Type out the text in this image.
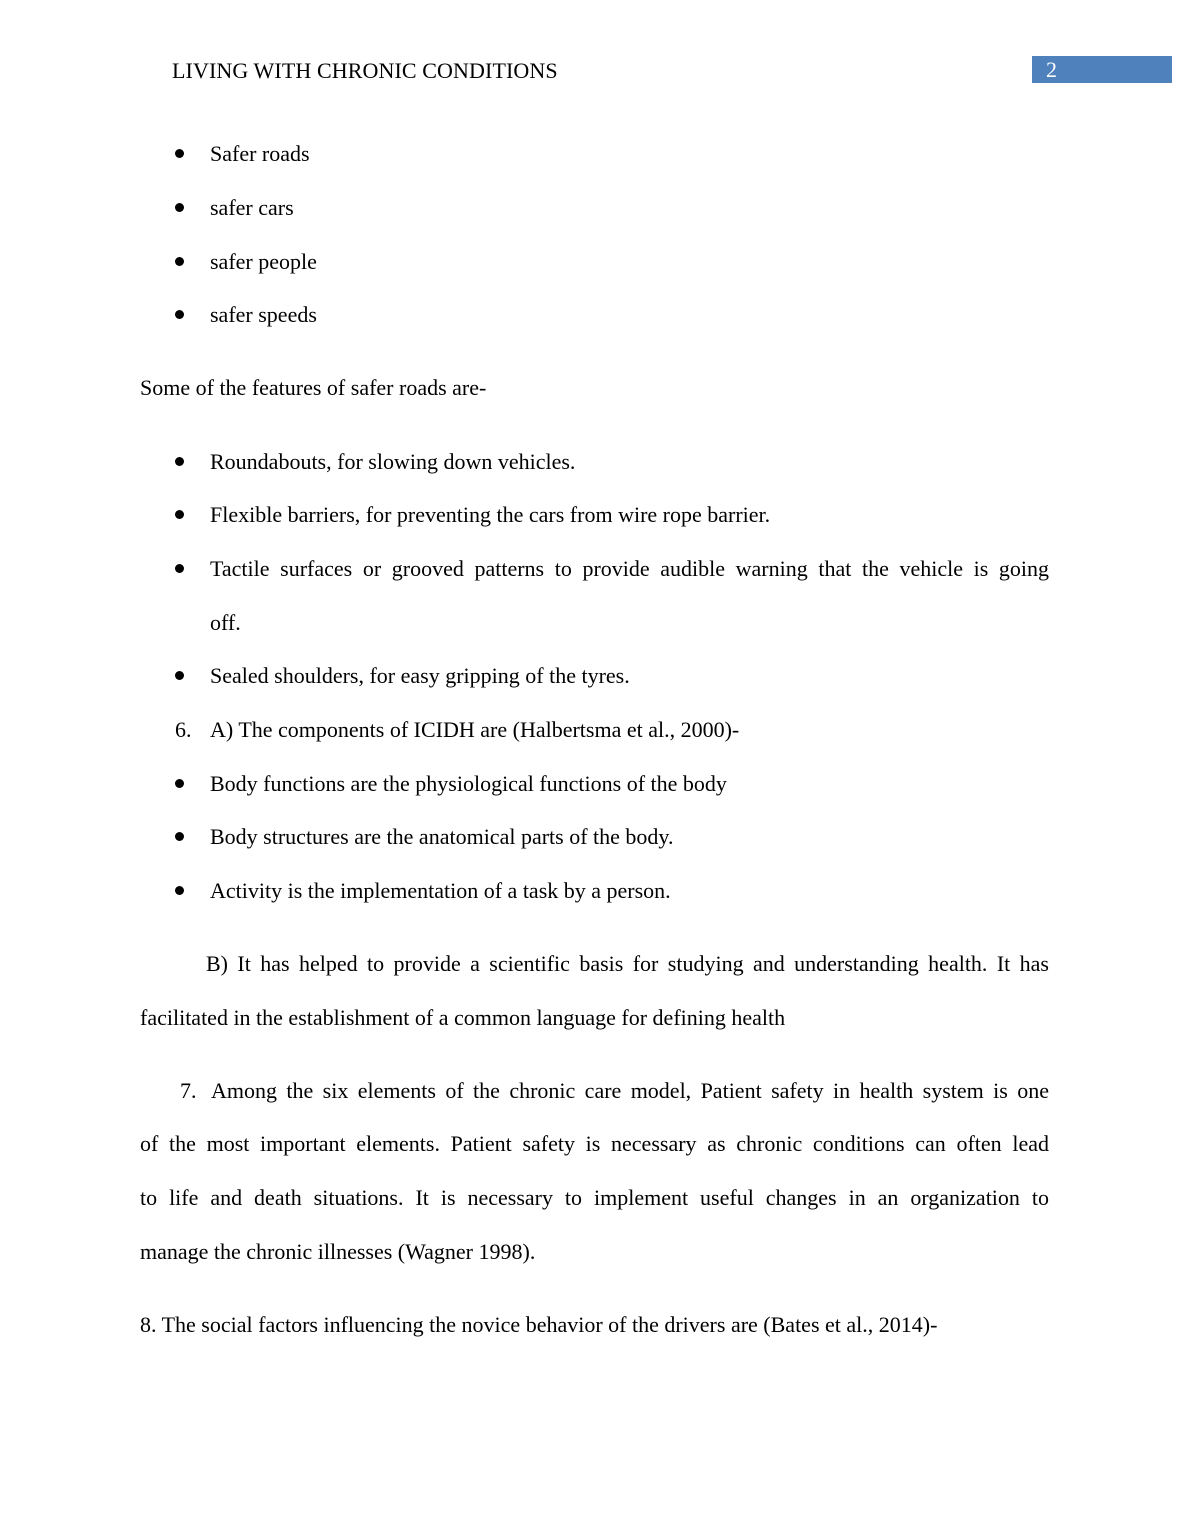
LIVING WITH CHRONIC CONDITIONS	2
Safer roads
safer cars
safer people
safer speeds
Some of the features of safer roads are-
Roundabouts, for slowing down vehicles.
Flexible barriers, for preventing the cars from wire rope barrier.
Tactile surfaces or grooved patterns to provide audible warning that the vehicle is going
off.
Sealed shoulders, for easy gripping of the tyres.
6. A) The components of ICIDH are (Halbertsma et al., 2000)-
Body functions are the physiological functions of the body
Body structures are the anatomical parts of the body.
Activity is the implementation of a task by a person.
B) It has helped to provide a scientific basis for studying and understanding health. It has
facilitated in the establishment of a common language for defining health
7. Among the six elements of the chronic care model, Patient safety in health system is one
of the most important elements. Patient safety is necessary as chronic conditions can often lead
to life and death situations. It is necessary to implement useful changes in an organization to
manage the chronic illnesses (Wagner 1998).
8. The social factors influencing the novice behavior of the drivers are (Bates et al., 2014)-
